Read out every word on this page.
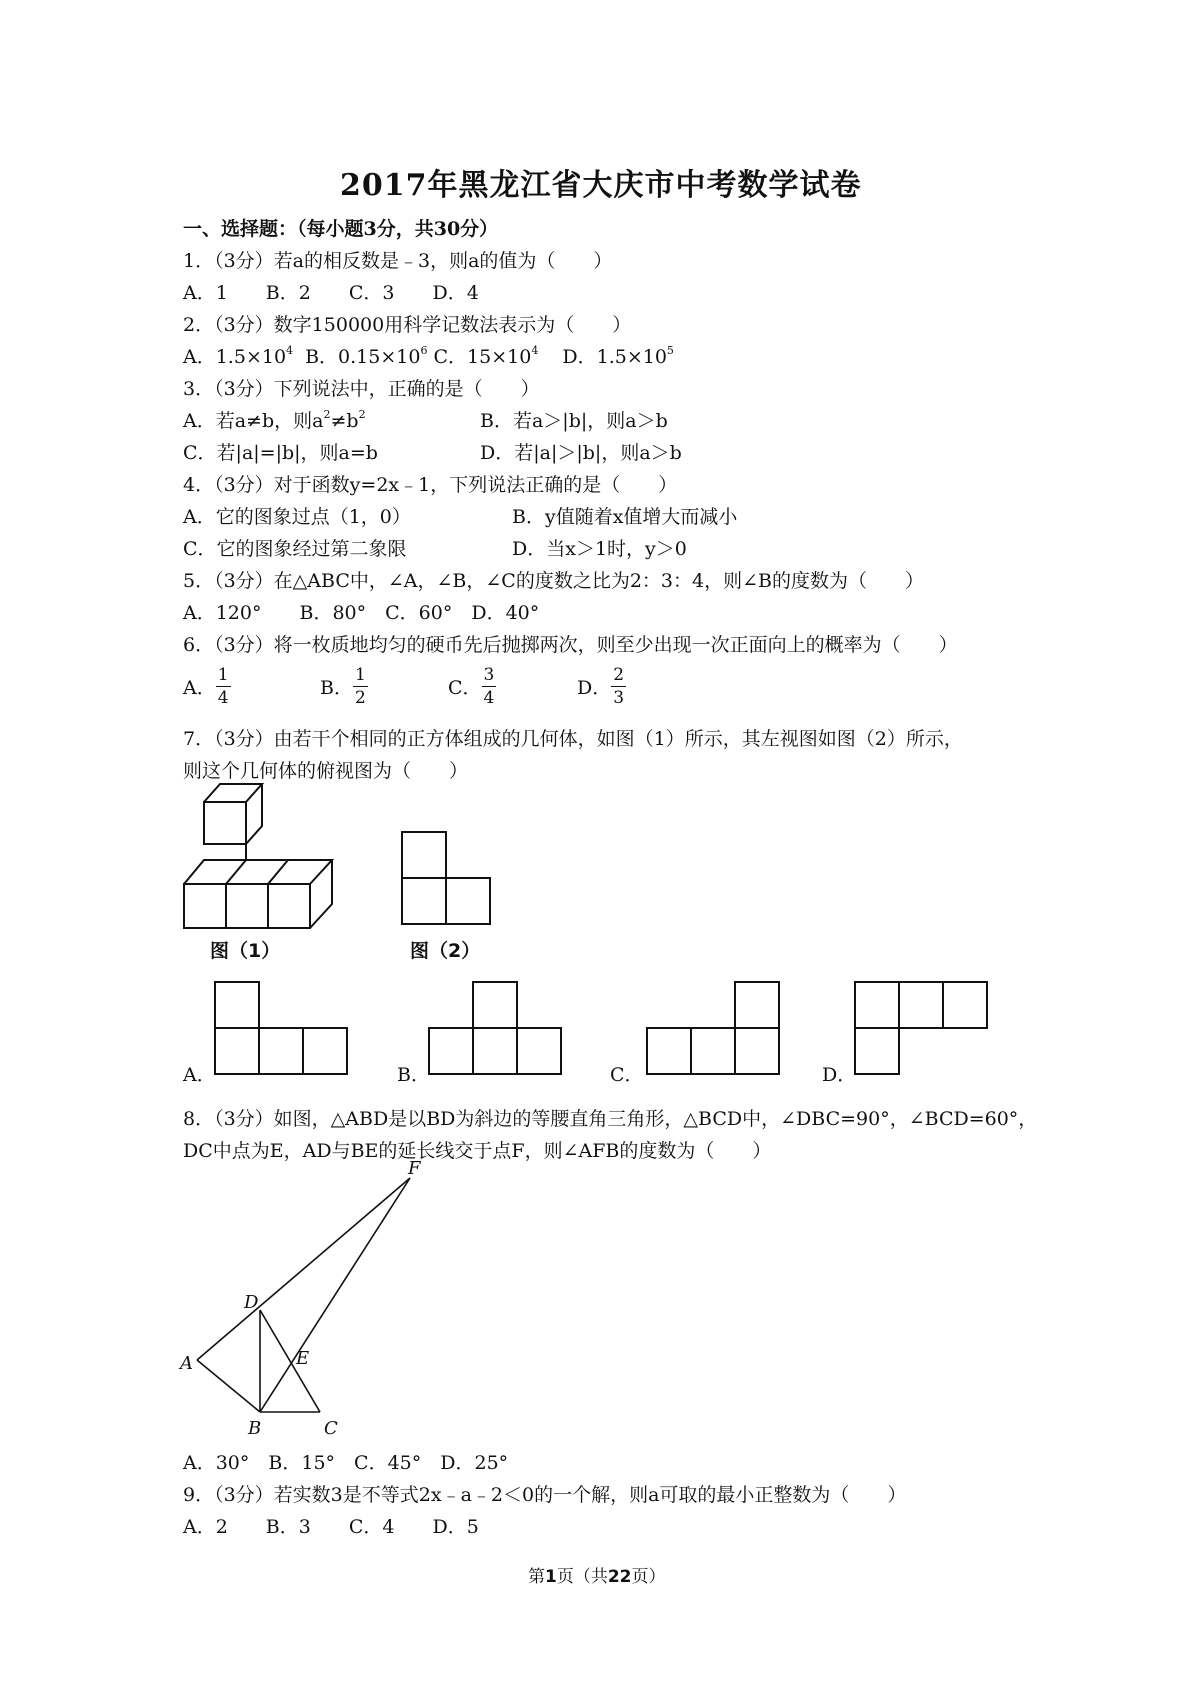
2017年黑龙江省大庆市中考数学试卷
一、选择题：（每小题3分，共30分）
1．（3分）若a的相反数是﹣3，则a的值为（　　）
A．1　　B．2　　C．3　　D．4
2．（3分）数字150000用科学记数法表示为（　　）
A．$1.5\times 10^4$ B．$0.15\times 10^6$ C．$15\times 10^4$ D．$1.5\times 10^5$
3．（3分）下列说法中，正确的是（　　）
A．若a≠b，则$a^2\ne b^2$	B．若a＞|b|，则a＞b
C．若|a|=|b|，则a=b	D．若|a|＞|b|，则a＞b
4．（3分）对于函数y=2x﹣1，下列说法正确的是（　　）
A．它的图象过点（1，0）	B．y值随着x值增大而减小
C．它的图象经过第二象限	D．当x＞1时，y＞0
5．（3分）在△ABC中，∠A，∠B，∠C的度数之比为2：3：4，则∠B的度数为（　　）
A．120°　　B．80°　C．60°　D．40°
6．（3分）将一枚质地均匀的硬币先后抛掷两次，则至少出现一次正面向上的概率为（　　）
A． $\frac{1}{4}$	B． $\frac{1}{2}$	C． $\frac{3}{4}$	D． $\frac{2}{3}$
7．（3分）由若干个相同的正方体组成的几何体，如图（1）所示，其左视图如图（2）所示，
则这个几何体的俯视图为（　　）
图（1）	图（2）
A．	B．	C．	D．
8．（3分）如图，△ABD是以BD为斜边的等腰直角三角形，△BCD中，∠DBC=90°，∠BCD=60°，
DC中点为E，AD与BE的延长线交于点F，则∠AFB的度数为（　　）
F
D
A	E
B	C
A．30°　B．15°　C．45°　D．25°
9．（3分）若实数3是不等式2x﹣a﹣2＜0的一个解，则a可取的最小正整数为（　　）
A．2　　B．3　　C．4　　D．5
第1页（共22页）
